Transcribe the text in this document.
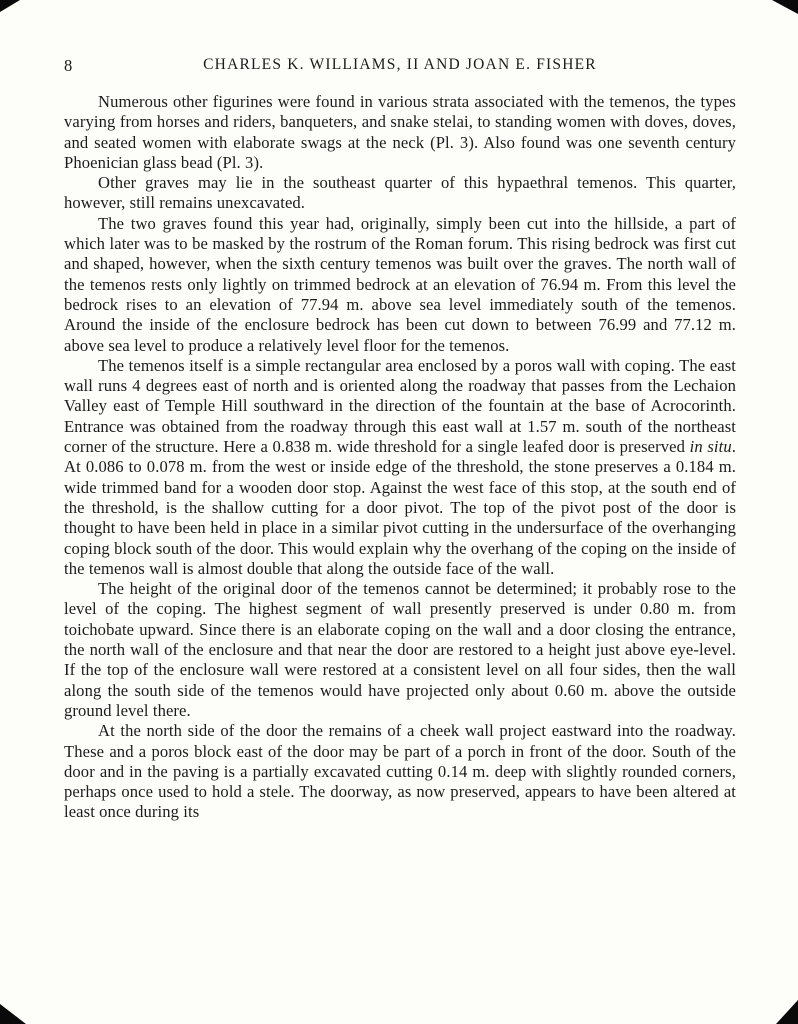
8	CHARLES K. WILLIAMS, II AND JOAN E. FISHER

Numerous other figurines were found in various strata associated with the temenos, the types varying from horses and riders, banqueters, and snake stelai, to standing women with doves, doves, and seated women with elaborate swags at the neck (Pl. 3). Also found was one seventh century Phoenician glass bead (Pl. 3).

Other graves may lie in the southeast quarter of this hypaethral temenos. This quarter, however, still remains unexcavated.

The two graves found this year had, originally, simply been cut into the hillside, a part of which later was to be masked by the rostrum of the Roman forum. This rising bedrock was first cut and shaped, however, when the sixth century temenos was built over the graves. The north wall of the temenos rests only lightly on trimmed bedrock at an elevation of 76.94 m. From this level the bedrock rises to an elevation of 77.94 m. above sea level immediately south of the temenos. Around the inside of the enclosure bedrock has been cut down to between 76.99 and 77.12 m. above sea level to produce a relatively level floor for the temenos.

The temenos itself is a simple rectangular area enclosed by a poros wall with coping. The east wall runs 4 degrees east of north and is oriented along the roadway that passes from the Lechaion Valley east of Temple Hill southward in the direction of the fountain at the base of Acrocorinth. Entrance was obtained from the roadway through this east wall at 1.57 m. south of the northeast corner of the structure. Here a 0.838 m. wide threshold for a single leafed door is preserved in situ. At 0.086 to 0.078 m. from the west or inside edge of the threshold, the stone preserves a 0.184 m. wide trimmed band for a wooden door stop. Against the west face of this stop, at the south end of the threshold, is the shallow cutting for a door pivot. The top of the pivot post of the door is thought to have been held in place in a similar pivot cutting in the undersurface of the overhanging coping block south of the door. This would explain why the overhang of the coping on the inside of the temenos wall is almost double that along the outside face of the wall.

The height of the original door of the temenos cannot be determined; it probably rose to the level of the coping. The highest segment of wall presently preserved is under 0.80 m. from toichobate upward. Since there is an elaborate coping on the wall and a door closing the entrance, the north wall of the enclosure and that near the door are restored to a height just above eye-level. If the top of the enclosure wall were restored at a consistent level on all four sides, then the wall along the south side of the temenos would have projected only about 0.60 m. above the outside ground level there.

At the north side of the door the remains of a cheek wall project eastward into the roadway. These and a poros block east of the door may be part of a porch in front of the door. South of the door and in the paving is a partially excavated cutting 0.14 m. deep with slightly rounded corners, perhaps once used to hold a stele. The doorway, as now preserved, appears to have been altered at least once during its
